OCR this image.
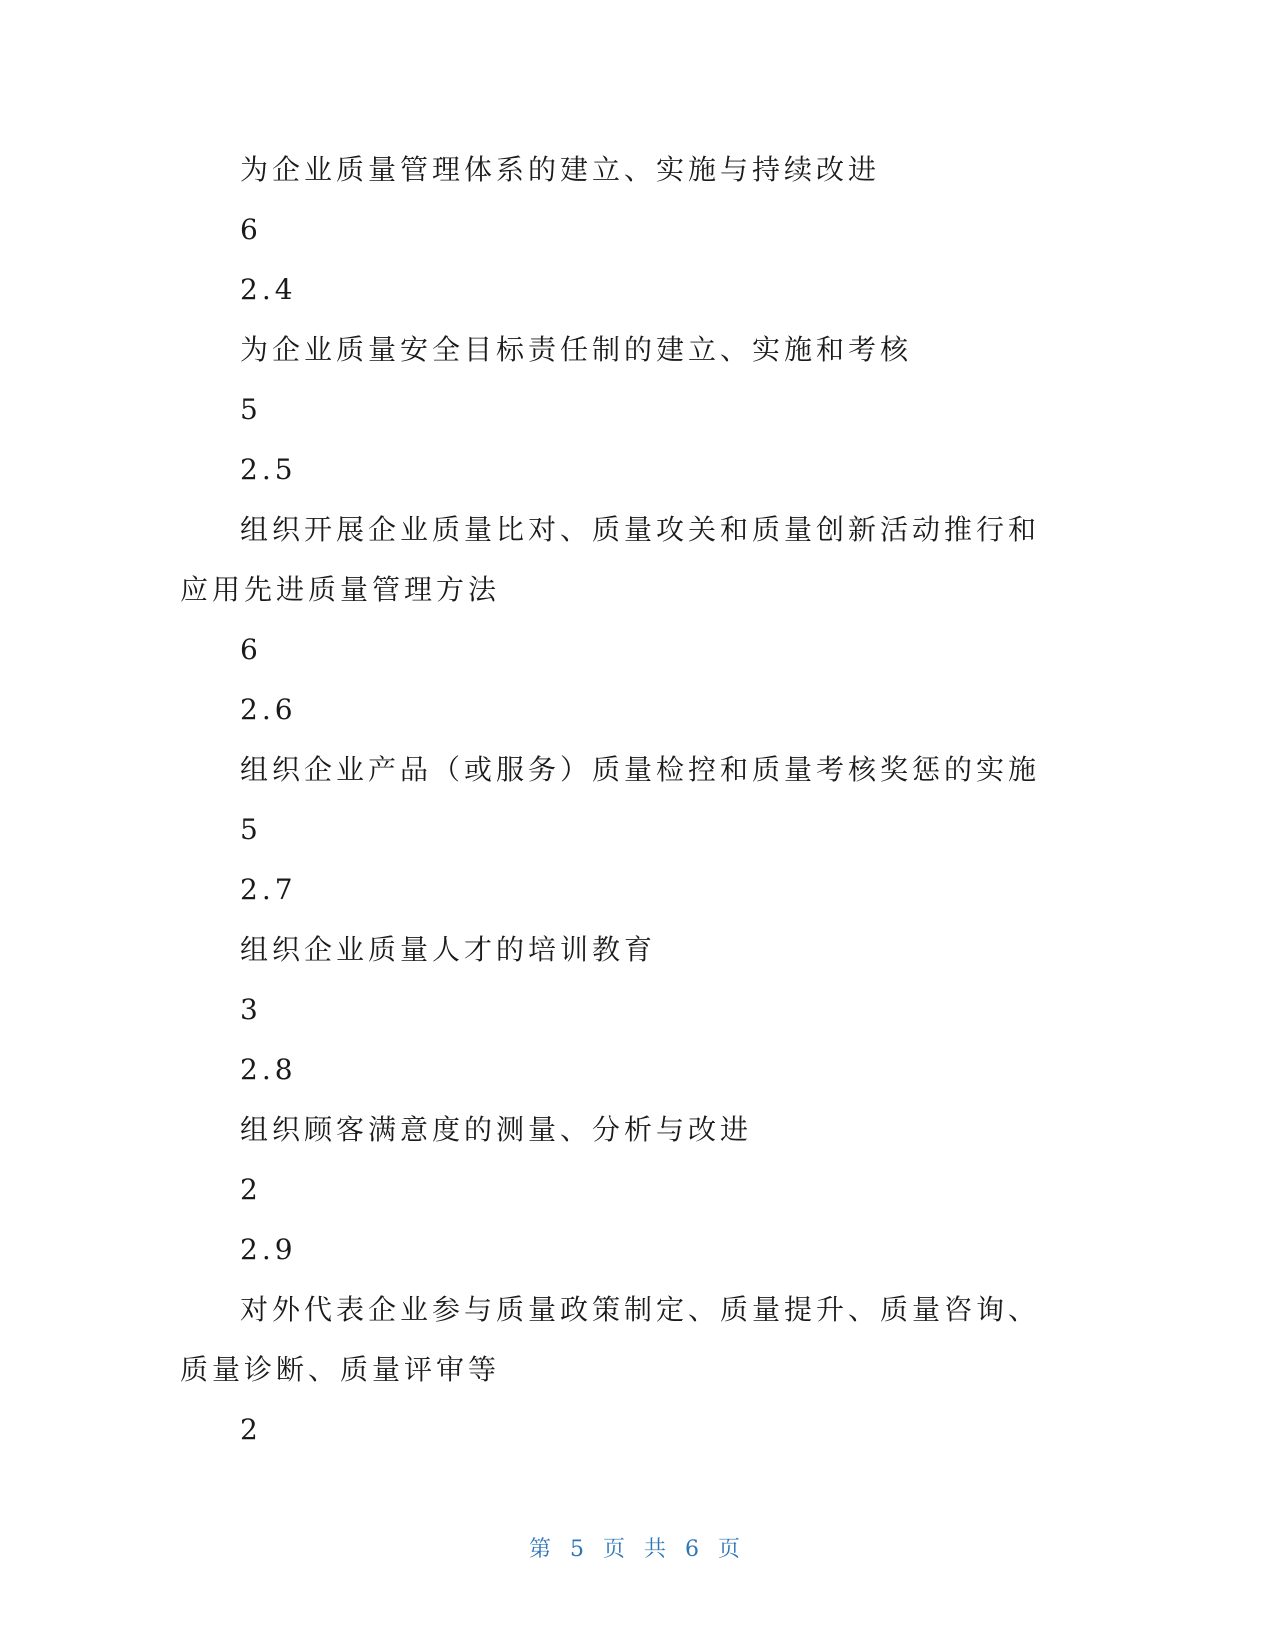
为企业质量管理体系的建立、实施与持续改进
6
2.4
为企业质量安全目标责任制的建立、实施和考核
5
2.5
组织开展企业质量比对、质量攻关和质量创新活动推行和应用先进质量管理方法
6
2.6
组织企业产品（或服务）质量检控和质量考核奖惩的实施
5
2.7
组织企业质量人才的培训教育
3
2.8
组织顾客满意度的测量、分析与改进
2
2.9
对外代表企业参与质量政策制定、质量提升、质量咨询、质量诊断、质量评审等
2
第 5 页 共 6 页
